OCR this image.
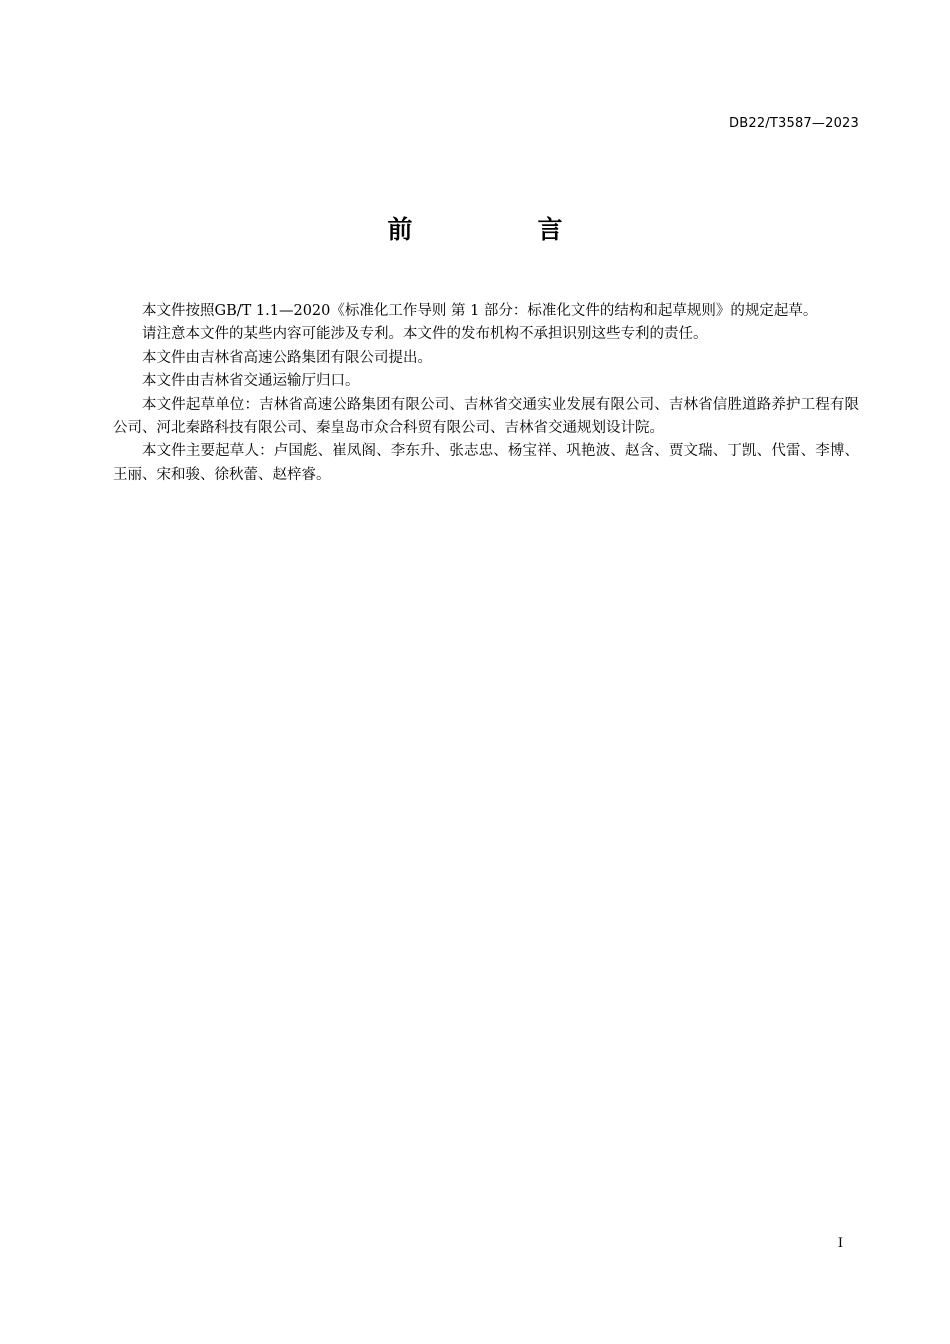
DB22/T3587—2023
前　言

本文件按照GB/T 1.1—2020《标准化工作导则 第 1 部分：标准化文件的结构和起草规则》的规定起草。

请注意本文件的某些内容可能涉及专利。本文件的发布机构不承担识别这些专利的责任。

本文件由吉林省高速公路集团有限公司提出。

本文件由吉林省交通运输厅归口。

本文件起草单位：吉林省高速公路集团有限公司、吉林省交通实业发展有限公司、吉林省信胜道路养护工程有限公司、河北秦路科技有限公司、秦皇岛市众合科贸有限公司、吉林省交通规划设计院。

本文件主要起草人：卢国彪、崔凤阁、李东升、张志忠、杨宝祥、巩艳波、赵含、贾文瑞、丁凯、代雷、李博、王丽、宋和骏、徐秋蕾、赵梓睿。

I
